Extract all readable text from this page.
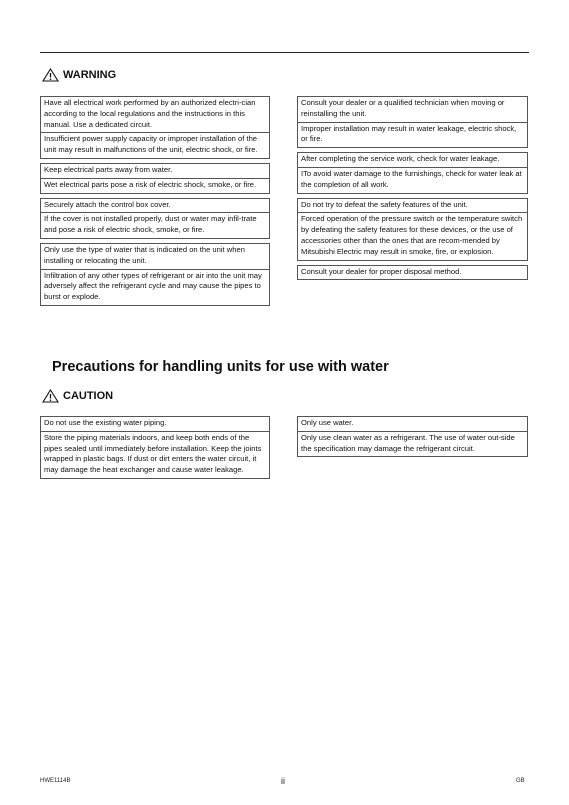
WARNING
Have all electrical work performed by an authorized electri-cian according to the local regulations and the instructions in this manual. Use a dedicated circuit.
Insufficient power supply capacity or improper installation of the unit may result in malfunctions of the unit, electric shock, or fire.
Keep electrical parts away from water.
Wet electrical parts pose a risk of electric shock, smoke, or fire.
Securely attach the control box cover.
If the cover is not installed properly, dust or water may infil-trate and pose a risk of electric shock, smoke, or fire.
Only use the type of water that is indicated on the unit when installing or relocating the unit.
Infiltration of any other types of refrigerant or air into the unit may adversely affect the refrigerant cycle and may cause the pipes to burst or explode.
Consult your dealer or a qualified technician when moving or reinstalling the unit.
Improper installation may result in water leakage, electric shock, or fire.
After completing the service work, check for water leakage.
ITo avoid water damage to the furnishings, check for water leak at the completion of all work.
Do not try to defeat the safety features of the unit.
Forced operation of the pressure switch or the temperature switch by defeating the safety features for these devices, or the use of accessories other than the ones that are recom-mended by Mitsubishi Electric may result in smoke, fire, or explosion.
Consult your dealer for proper disposal method.
Precautions for handling units for use with water
CAUTION
Do not use the existing water piping.
Store the piping materials indoors, and keep both ends of the pipes sealed until immediately before installation. Keep the joints wrapped in plastic bags. If dust or dirt enters the water circuit, it may damage the heat exchanger and cause water leakage.
Only use water.
Only use clean water as a refrigerant. The use of water out-side the specification may damage the refrigerant circuit.
HWE1114B	ii	GB
